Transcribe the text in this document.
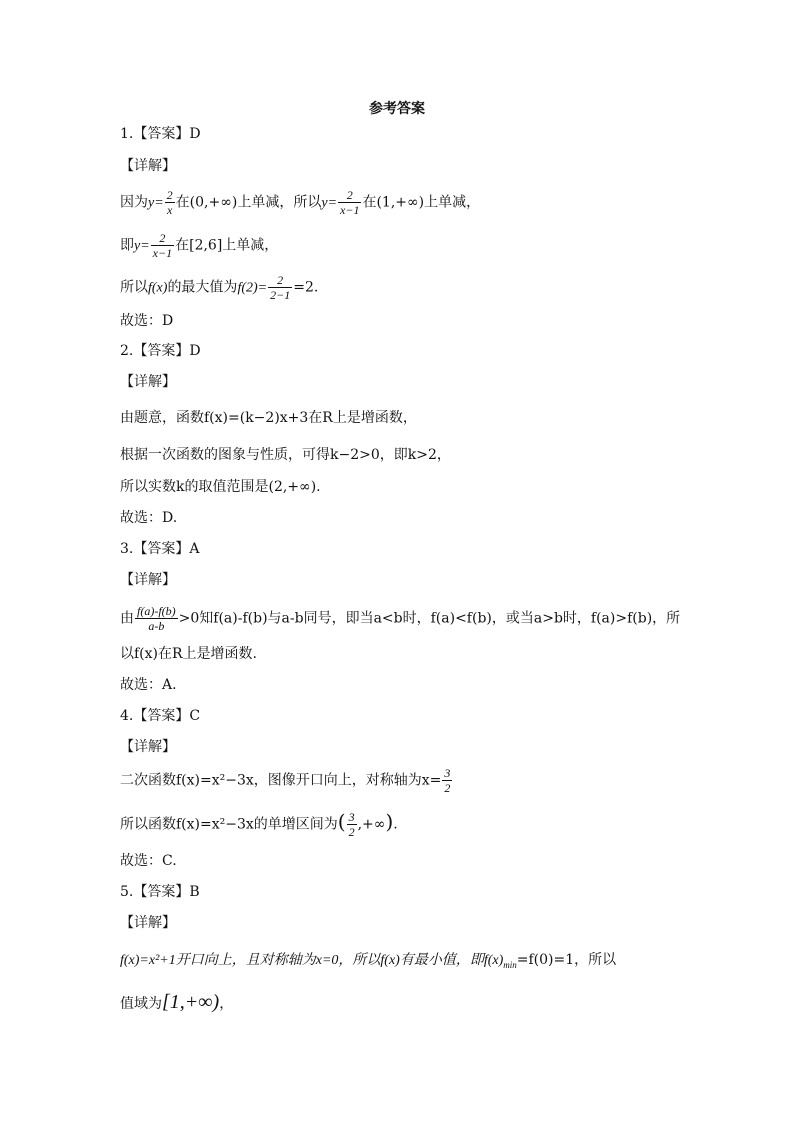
参考答案
1.【答案】D
【详解】
因为$y= \frac{2}{x}$ 在(0,+∞)上单减，所以$y= \frac{2}{x-1}$ 在(1,+∞)上单减，
即$y= \frac{2}{x-1}$ 在[2,6]上单减，
所以f(x)的最大值为$f(2)= \frac{2}{2-1} =2$.
故选：D
2.【答案】D
【详解】
由题意，函数f(x)=(k−2)x+3在R上是增函数，
根据一次函数的图象与性质，可得k−2>0，即k>2，
所以实数k的取值范围是(2,+∞).
故选：D.
3.【答案】A
【详解】
由 $\frac{f(a)-f(b)}{a-b} >0$知f(a)-f(b)与a-b同号，即当a<b时，f(a)<f(b)，或当a>b时，f(a)>f(b)，所
以f(x)在R上是增函数.
故选：A.
4.【答案】C
【详解】
二次函数f(x)=x²−3x，图像开口向上，对称轴为$x= \frac{3}{2}$
所以函数f(x)=x²−3x的单增区间为( $\frac{3}{2}$ ,+∞).
故选：C.
5.【答案】B
【详解】
f(x)=x²+1开口向上，且对称轴为x=0，所以f(x)有最小值，即$f(x)_{min}=f(0)=1$，所以
值域为[1,+∞)，
